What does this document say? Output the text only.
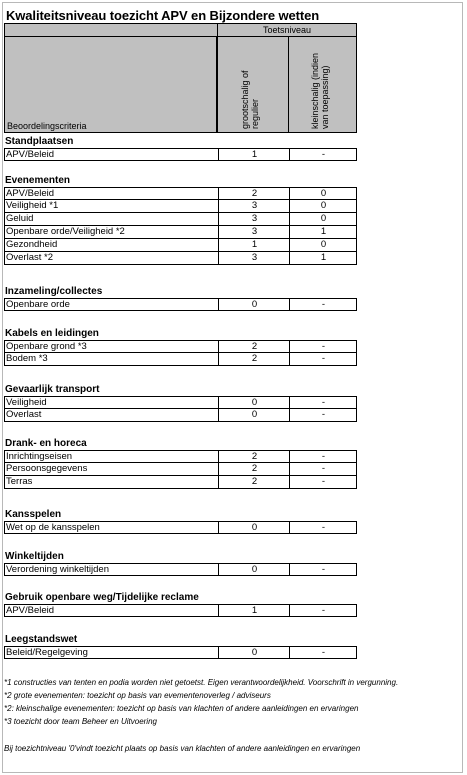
Kwaliteitsniveau toezicht APV en Bijzondere wetten
Toetsniveau
Beoordelingscriteria	grootschalig of regulier	kleinschalig (indien van toepassing)
Standplaatsen
APV/Beleid	1	-
Evenementen
APV/Beleid	2	0
Veiligheid *1	3	0
Geluid	3	0
Openbare orde/Veiligheid *2	3	1
Gezondheid	1	0
Overlast *2	3	1
Inzameling/collectes
Openbare orde	0	-
Kabels en leidingen
Openbare grond *3	2	-
Bodem *3	2	-
Gevaarlijk transport
Veiligheid	0	-
Overlast	0	-
Drank- en horeca
Inrichtingseisen	2	-
Persoonsgegevens	2	-
Terras	2	-
Kansspelen
Wet op de kansspelen	0	-
Winkeltijden
Verordening winkeltijden	0	-
Gebruik openbare weg/Tijdelijke reclame
APV/Beleid	1	-
Leegstandswet
Beleid/Regelgeving	0	-
*1 constructies van tenten en podia worden niet getoetst. Eigen verantwoordelijkheid. Voorschrift in vergunning.
*2 grote evenementen: toezicht op basis van evementenoverleg / adviseurs
*2: kleinschalige evenementen: toezicht op basis van klachten of andere aanleidingen en ervaringen
*3 toezicht door team Beheer en Uitvoering
Bij toezichtniveau '0'vindt toezicht plaats op basis van klachten of andere aanleidingen en ervaringen
